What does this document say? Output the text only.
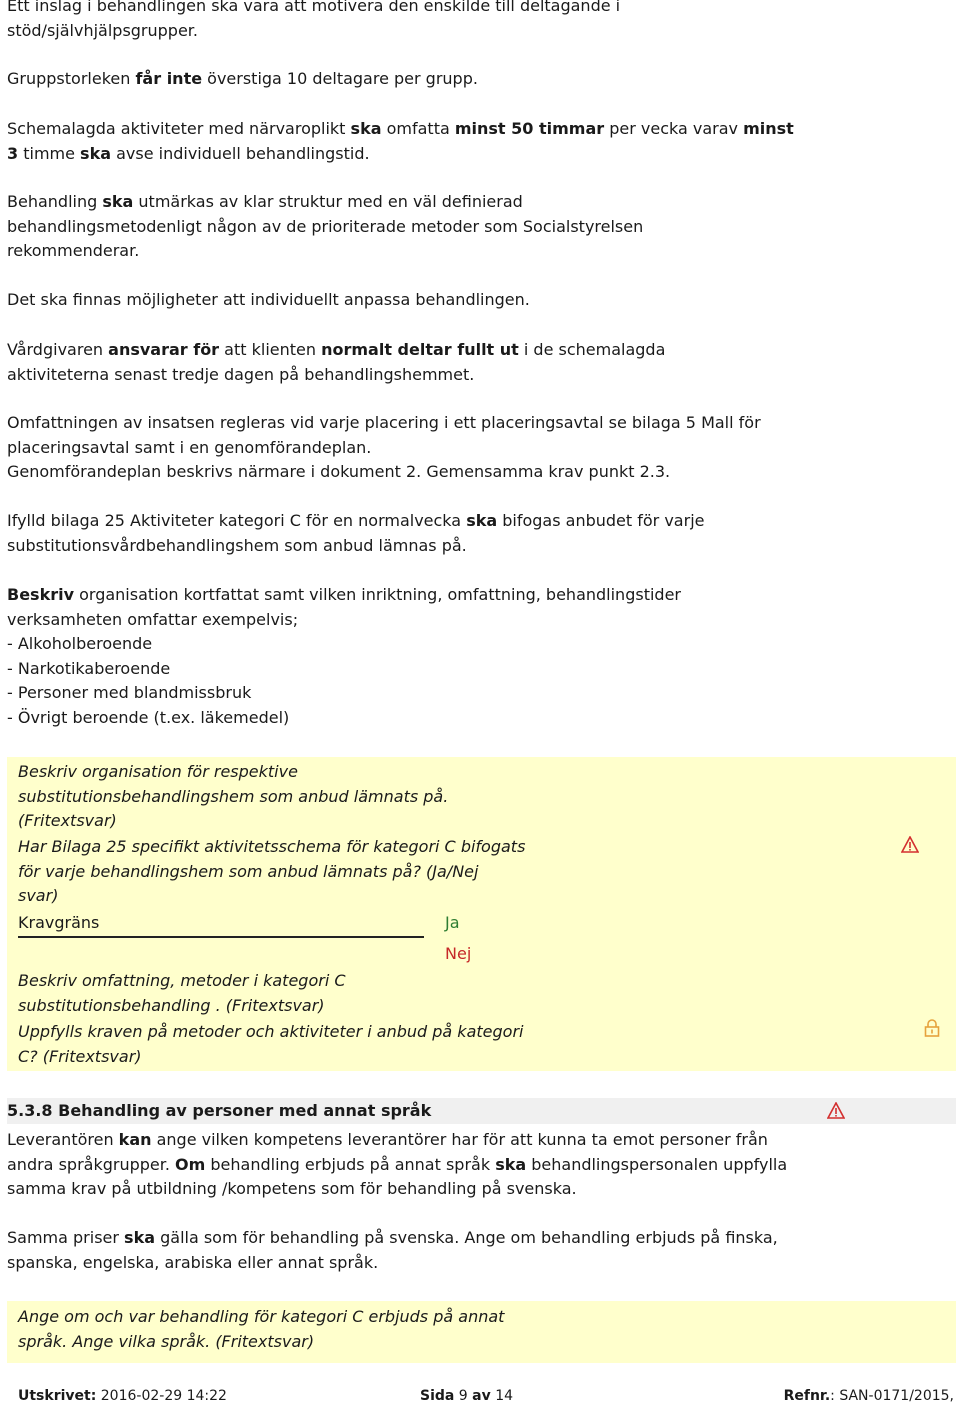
Ett inslag i behandlingen ska vara att motivera den enskilde till deltagande i stöd/självhjälpsgrupper.

Gruppstorleken får inte överstiga 10 deltagare per grupp.

Schemalagda aktiviteter med närvaroplikt ska omfatta minst 50 timmar per vecka varav minst 3 timme ska avse individuell behandlingstid.

Behandling ska utmärkas av klar struktur med en väl definierad behandlingsmetodenligt någon av de prioriterade metoder som Socialstyrelsen rekommenderar.

Det ska finnas möjligheter att individuellt anpassa behandlingen.

Vårdgivaren ansvarar för att klienten normalt deltar fullt ut i de schemalagda aktiviteterna senast tredje dagen på behandlingshemmet.

Omfattningen av insatsen regleras vid varje placering i ett placeringsavtal se bilaga 5 Mall för placeringsavtal samt i en genomförandeplan.

Genomförandeplan beskrivs närmare i dokument 2. Gemensamma krav punkt 2.3.

Ifylld bilaga 25 Aktiviteter kategori C för en normalvecka ska bifogas anbudet för varje substitutionsvårdbehandlingshem som anbud lämnas på.

Beskriv organisation kortfattat samt vilken inriktning, omfattning, behandlingstider verksamheten omfattar exempelvis;

- Alkoholberoende

- Narkotikaberoende

- Personer med blandmissbruk

- Övrigt beroende (t.ex. läkemedel)

Beskriv organisation för respektive
substitutionsbehandlingshem som anbud lämnats på.
(Fritextsvar)
Har Bilaga 25 specifikt aktivitetsschema för kategori C bifogats
för varje behandlingshem som anbud lämnats på? (Ja/Nej
svar)
Kravgräns	Ja
Nej
Beskriv omfattning, metoder i kategori C
substitutionsbehandling . (Fritextsvar)
Uppfylls kraven på metoder och aktiviteter i anbud på kategori
C? (Fritextsvar)
5.3.8 Behandling av personer med annat språk

Leverantören kan ange vilken kompetens leverantörer har för att kunna ta emot personer från andra språkgrupper. Om behandling erbjuds på annat språk ska behandlingspersonalen uppfylla samma krav på utbildning /kompetens som för behandling på svenska.

Samma priser ska gälla som för behandling på svenska. Ange om behandling erbjuds på finska, spanska, engelska, arabiska eller annat språk.

Ange om och var behandling för kategori C erbjuds på annat
språk. Ange vilka språk. (Fritextsvar)
Utskrivet: 2016-02-29 14:22	Sida 9 av 14	Refnr.: SAN-0171/2015,
